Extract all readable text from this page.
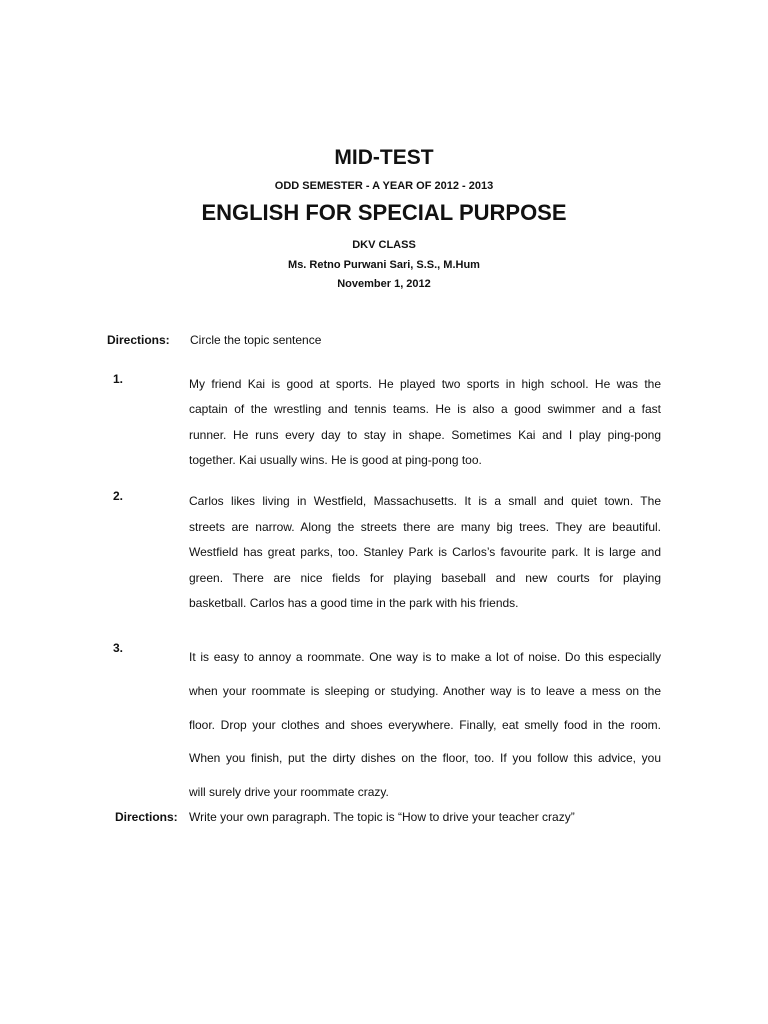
MID-TEST
ODD SEMESTER - A YEAR OF 2012 - 2013
ENGLISH FOR SPECIAL PURPOSE
DKV CLASS
Ms. Retno Purwani Sari, S.S., M.Hum
November 1, 2012
Directions: Circle the topic sentence
1.	My friend Kai is good at sports. He played two sports in high school. He was the
captain of the wrestling and tennis teams. He is also a good swimmer and a fast
runner. He runs every day to stay in shape. Sometimes Kai and I play ping-pong
together. Kai usually wins. He is good at ping-pong too.
2.	Carlos likes living in Westfield, Massachusetts. It is a small and quiet town. The
streets are narrow. Along the streets there are many big trees. They are beautiful.
Westfield has great parks, too. Stanley Park is Carlos’s favourite park. It is large and
green. There are nice fields for playing baseball and new courts for playing
basketball. Carlos has a good time in the park with his friends.
3.
It is easy to annoy a roommate. One way is to make a lot of noise. Do this especially
when your roommate is sleeping or studying. Another way is to leave a mess on the
floor. Drop your clothes and shoes everywhere. Finally, eat smelly food in the room.
When you finish, put the dirty dishes on the floor, too. If you follow this advice, you
will surely drive your roommate crazy.
Directions: Write your own paragraph. The topic is “How to drive your teacher crazy”
